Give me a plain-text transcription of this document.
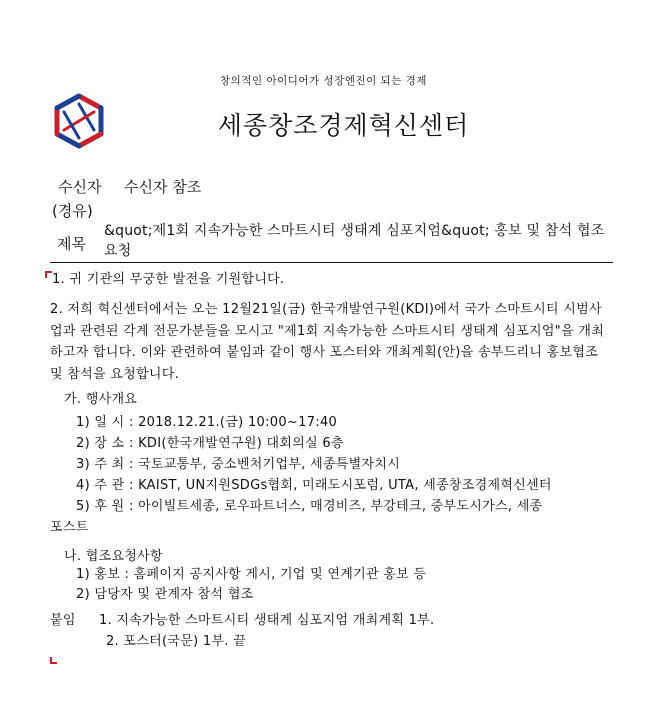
창의적인 아이디어가 성장엔진이 되는 경제
세종창조경제혁신센터
수신자 수신자 참조
(경유)
제목
&quot;제1회 지속가능한 스마트시티 생태계 심포지엄&quot; 홍보 및 참석 협조요청
1. 귀 기관의 무궁한 발전을 기원합니다.
2. 저희 혁신센터에서는 오는 12월21일(금) 한국개발연구원(KDI)에서 국가 스마트시티 시범사업과 관련된 각계 전문가분들을 모시고 "제1회 지속가능한 스마트시티 생태계 심포지엄"을 개최하고자 합니다. 이와 관련하여 붙임과 같이 행사 포스터와 개최계획(안)을 송부드리니 홍보협조 및 참석을 요청합니다.
가. 행사개요
1) 일 시 : 2018.12.21.(금) 10:00~17:40
2) 장 소 : KDI(한국개발연구원) 대회의실 6층
3) 주 최 : 국토교통부, 중소벤처기업부, 세종특별자치시
4) 주 관 : KAIST, UN지원SDGs협회, 미래도시포럼, UTA, 세종창조경제혁신센터
5) 후 원 : 아이빌트세종, 로우파트너스, 매경비즈, 부강테크, 중부도시가스, 세종
포스트
나. 협조요청사항
1) 홍보 : 홈페이지 공지사항 게시, 기업 및 연계기관 홍보 등
2) 담당자 및 관계자 참석 협조
붙임 1. 지속가능한 스마트시티 생태계 심포지엄 개최계획 1부.
2. 포스터(국문) 1부. 끝
